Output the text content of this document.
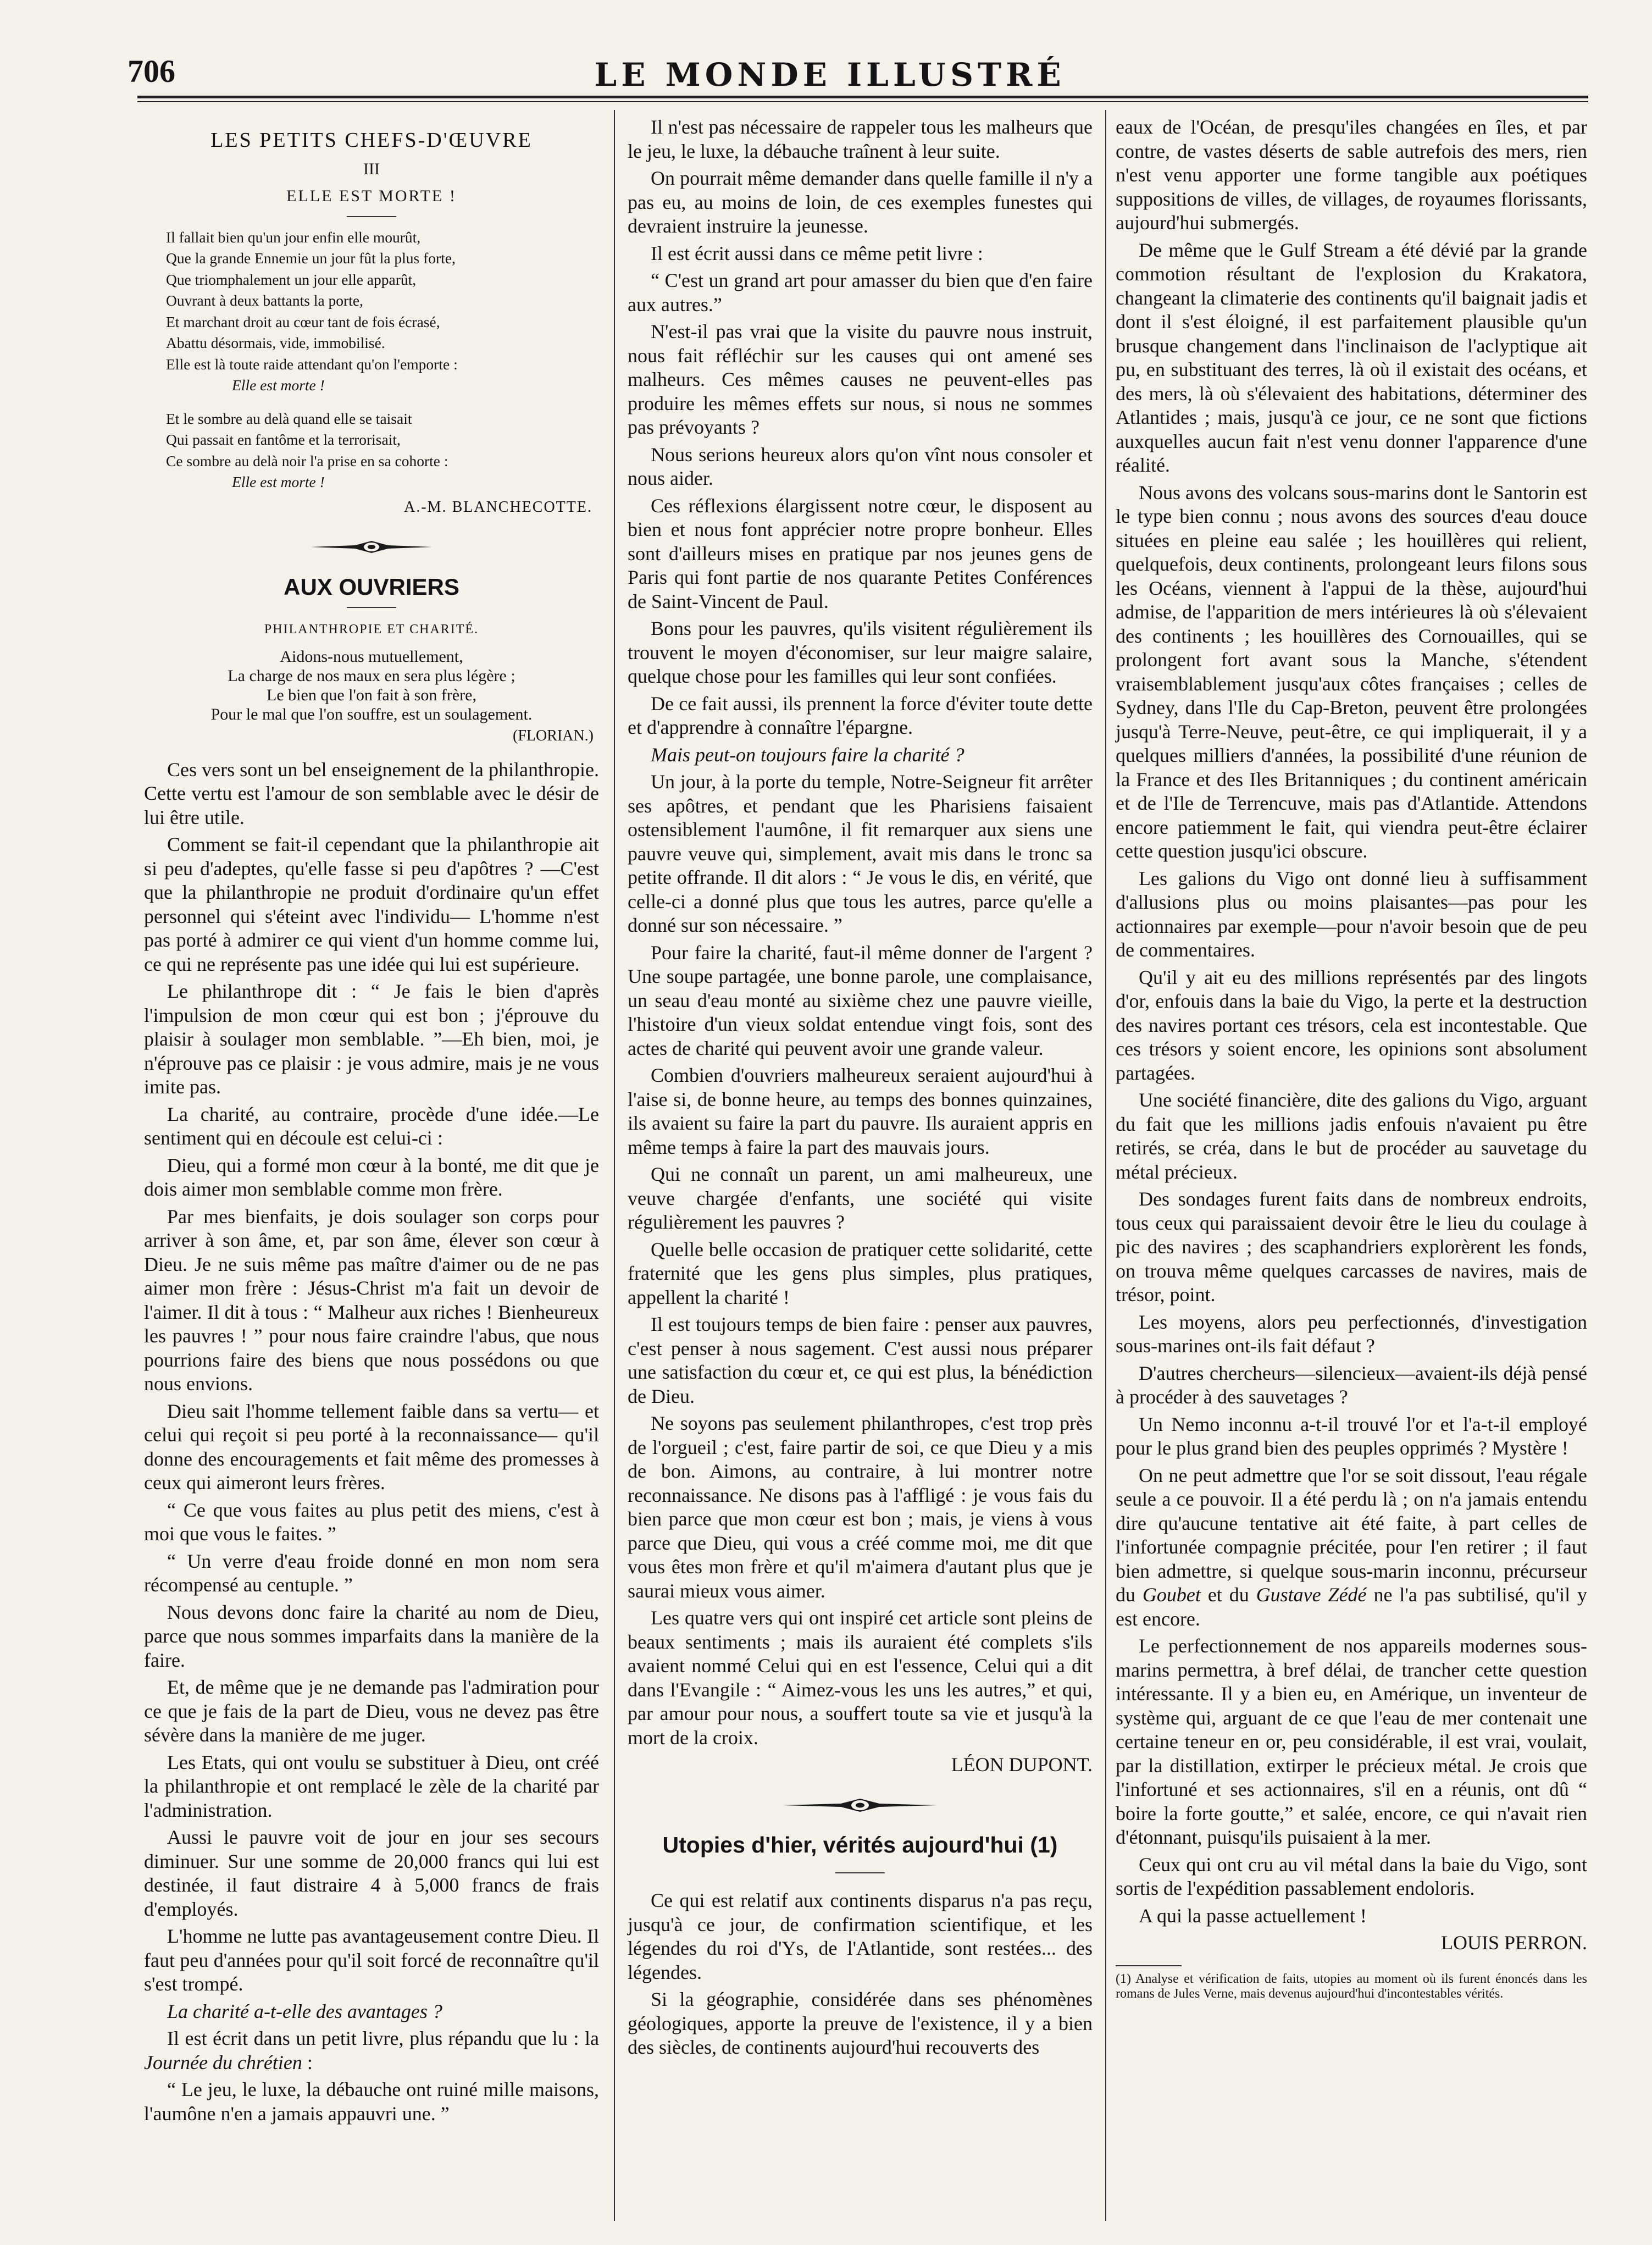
706	LE MONDE ILLUSTRÉ
LES PETITS CHEFS-D'ŒUVRE
III
ELLE EST MORTE !
Il fallait bien qu'un jour enfin elle mourût,
Que la grande Ennemie un jour fût la plus forte,
Que triomphalement un jour elle apparût,
Ouvrant à deux battants la porte,
Et marchant droit au cœur tant de fois écrasé,
Abattu désormais, vide, immobilisé.
Elle est là toute raide attendant qu'on l'emporte :
Elle est morte !
Et le sombre au delà quand elle se taisait
Qui passait en fantôme et la terrorisait,
Ce sombre au delà noir l'a prise en sa cohorte :
Elle est morte !
A.-M. BLANCHECOTTE.
AUX OUVRIERS
PHILANTHROPIE ET CHARITÉ.
Aidons-nous mutuellement,
La charge de nos maux en sera plus légère ;
Le bien que l'on fait à son frère,
Pour le mal que l'on souffre, est un soulagement.
(FLORIAN.)

Ces vers sont un bel enseignement de la philanthropie. Cette vertu est l'amour de son semblable avec le désir de lui être utile.

Comment se fait-il cependant que la philanthropie ait si peu d'adeptes, qu'elle fasse si peu d'apôtres ? —C'est que la philanthropie ne produit d'ordinaire qu'un effet personnel qui s'éteint avec l'individu— L'homme n'est pas porté à admirer ce qui vient d'un homme comme lui, ce qui ne représente pas une idée qui lui est supérieure.

Le philanthrope dit : “ Je fais le bien d'après l'impulsion de mon cœur qui est bon ; j'éprouve du plaisir à soulager mon semblable. ”—Eh bien, moi, je n'éprouve pas ce plaisir : je vous admire, mais je ne vous imite pas.

La charité, au contraire, procède d'une idée.—Le sentiment qui en découle est celui-ci :

Dieu, qui a formé mon cœur à la bonté, me dit que je dois aimer mon semblable comme mon frère.

Par mes bienfaits, je dois soulager son corps pour arriver à son âme, et, par son âme, élever son cœur à Dieu. Je ne suis même pas maître d'aimer ou de ne pas aimer mon frère : Jésus-Christ m'a fait un devoir de l'aimer. Il dit à tous : “ Malheur aux riches ! Bienheureux les pauvres ! ” pour nous faire craindre l'abus, que nous pourrions faire des biens que nous possédons ou que nous envions.

Dieu sait l'homme tellement faible dans sa vertu— et celui qui reçoit si peu porté à la reconnaissance— qu'il donne des encouragements et fait même des promesses à ceux qui aimeront leurs frères.

“ Ce que vous faites au plus petit des miens, c'est à moi que vous le faites. ”

“ Un verre d'eau froide donné en mon nom sera récompensé au centuple. ”

Nous devons donc faire la charité au nom de Dieu, parce que nous sommes imparfaits dans la manière de la faire.

Et, de même que je ne demande pas l'admiration pour ce que je fais de la part de Dieu, vous ne devez pas être sévère dans la manière de me juger.

Les Etats, qui ont voulu se substituer à Dieu, ont créé la philanthropie et ont remplacé le zèle de la charité par l'administration.

Aussi le pauvre voit de jour en jour ses secours diminuer. Sur une somme de 20,000 francs qui lui est destinée, il faut distraire 4 à 5,000 francs de frais d'employés.

L'homme ne lutte pas avantageusement contre Dieu. Il faut peu d'années pour qu'il soit forcé de reconnaître qu'il s'est trompé.

La charité a-t-elle des avantages ?

Il est écrit dans un petit livre, plus répandu que lu : la Journée du chrétien :

“ Le jeu, le luxe, la débauche ont ruiné mille maisons, l'aumône n'en a jamais appauvri une. ”

Il n'est pas nécessaire de rappeler tous les malheurs que le jeu, le luxe, la débauche traînent à leur suite.

On pourrait même demander dans quelle famille il n'y a pas eu, au moins de loin, de ces exemples funestes qui devraient instruire la jeunesse.

Il est écrit aussi dans ce même petit livre :

“ C'est un grand art pour amasser du bien que d'en faire aux autres.”

N'est-il pas vrai que la visite du pauvre nous instruit, nous fait réfléchir sur les causes qui ont amené ses malheurs. Ces mêmes causes ne peuvent-elles pas produire les mêmes effets sur nous, si nous ne sommes pas prévoyants ?

Nous serions heureux alors qu'on vînt nous consoler et nous aider.

Ces réflexions élargissent notre cœur, le disposent au bien et nous font apprécier notre propre bonheur. Elles sont d'ailleurs mises en pratique par nos jeunes gens de Paris qui font partie de nos quarante Petites Conférences de Saint-Vincent de Paul.

Bons pour les pauvres, qu'ils visitent régulièrement ils trouvent le moyen d'économiser, sur leur maigre salaire, quelque chose pour les familles qui leur sont confiées.

De ce fait aussi, ils prennent la force d'éviter toute dette et d'apprendre à connaître l'épargne.

Mais peut-on toujours faire la charité ?

Un jour, à la porte du temple, Notre-Seigneur fit arrêter ses apôtres, et pendant que les Pharisiens faisaient ostensiblement l'aumône, il fit remarquer aux siens une pauvre veuve qui, simplement, avait mis dans le tronc sa petite offrande. Il dit alors : “ Je vous le dis, en vérité, que celle-ci a donné plus que tous les autres, parce qu'elle a donné sur son nécessaire. ”

Pour faire la charité, faut-il même donner de l'argent ? Une soupe partagée, une bonne parole, une complaisance, un seau d'eau monté au sixième chez une pauvre vieille, l'histoire d'un vieux soldat entendue vingt fois, sont des actes de charité qui peuvent avoir une grande valeur.

Combien d'ouvriers malheureux seraient aujourd'hui à l'aise si, de bonne heure, au temps des bonnes quinzaines, ils avaient su faire la part du pauvre. Ils auraient appris en même temps à faire la part des mauvais jours.

Qui ne connaît un parent, un ami malheureux, une veuve chargée d'enfants, une société qui visite régulièrement les pauvres ?

Quelle belle occasion de pratiquer cette solidarité, cette fraternité que les gens plus simples, plus pratiques, appellent la charité !

Il est toujours temps de bien faire : penser aux pauvres, c'est penser à nous sagement. C'est aussi nous préparer une satisfaction du cœur et, ce qui est plus, la bénédiction de Dieu.

Ne soyons pas seulement philanthropes, c'est trop près de l'orgueil ; c'est, faire partir de soi, ce que Dieu y a mis de bon. Aimons, au contraire, à lui montrer notre reconnaissance. Ne disons pas à l'affligé : je vous fais du bien parce que mon cœur est bon ; mais, je viens à vous parce que Dieu, qui vous a créé comme moi, me dit que vous êtes mon frère et qu'il m'aimera d'autant plus que je saurai mieux vous aimer.

Les quatre vers qui ont inspiré cet article sont pleins de beaux sentiments ; mais ils auraient été complets s'ils avaient nommé Celui qui en est l'essence, Celui qui a dit dans l'Evangile : “ Aimez-vous les uns les autres,” et qui, par amour pour nous, a souffert toute sa vie et jusqu'à la mort de la croix.

LÉON DUPONT.

Utopies d'hier, vérités aujourd'hui (1)

Ce qui est relatif aux continents disparus n'a pas reçu, jusqu'à ce jour, de confirmation scientifique, et les légendes du roi d'Ys, de l'Atlantide, sont restées... des légendes.

Si la géographie, considérée dans ses phénomènes géologiques, apporte la preuve de l'existence, il y a bien des siècles, de continents aujourd'hui recouverts des

eaux de l'Océan, de presqu'iles changées en îles, et par contre, de vastes déserts de sable autrefois des mers, rien n'est venu apporter une forme tangible aux poétiques suppositions de villes, de villages, de royaumes florissants, aujourd'hui submergés.

De même que le Gulf Stream a été dévié par la grande commotion résultant de l'explosion du Krakatora, changeant la climaterie des continents qu'il baignait jadis et dont il s'est éloigné, il est parfaitement plausible qu'un brusque changement dans l'inclinaison de l'aclyptique ait pu, en substituant des terres, là où il existait des océans, et des mers, là où s'élevaient des habitations, déterminer des Atlantides ; mais, jusqu'à ce jour, ce ne sont que fictions auxquelles aucun fait n'est venu donner l'apparence d'une réalité.

Nous avons des volcans sous-marins dont le Santorin est le type bien connu ; nous avons des sources d'eau douce situées en pleine eau salée ; les houillères qui relient, quelquefois, deux continents, prolongeant leurs filons sous les Océans, viennent à l'appui de la thèse, aujourd'hui admise, de l'apparition de mers intérieures là où s'élevaient des continents ; les houillères des Cornouailles, qui se prolongent fort avant sous la Manche, s'étendent vraisemblablement jusqu'aux côtes françaises ; celles de Sydney, dans l'Ile du Cap-Breton, peuvent être prolongées jusqu'à Terre-Neuve, peut-être, ce qui impliquerait, il y a quelques milliers d'années, la possibilité d'une réunion de la France et des Iles Britanniques ; du continent américain et de l'Ile de Terrencuve, mais pas d'Atlantide. Attendons encore patiemment le fait, qui viendra peut-être éclairer cette question jusqu'ici obscure.

Les galions du Vigo ont donné lieu à suffisamment d'allusions plus ou moins plaisantes—pas pour les actionnaires par exemple—pour n'avoir besoin que de peu de commentaires.

Qu'il y ait eu des millions représentés par des lingots d'or, enfouis dans la baie du Vigo, la perte et la destruction des navires portant ces trésors, cela est incontestable. Que ces trésors y soient encore, les opinions sont absolument partagées.

Une société financière, dite des galions du Vigo, arguant du fait que les millions jadis enfouis n'avaient pu être retirés, se créa, dans le but de procéder au sauvetage du métal précieux.

Des sondages furent faits dans de nombreux endroits, tous ceux qui paraissaient devoir être le lieu du coulage à pic des navires ; des scaphandriers explorèrent les fonds, on trouva même quelques carcasses de navires, mais de trésor, point.

Les moyens, alors peu perfectionnés, d'investigation sous-marines ont-ils fait défaut ?

D'autres chercheurs—silencieux—avaient-ils déjà pensé à procéder à des sauvetages ?

Un Nemo inconnu a-t-il trouvé l'or et l'a-t-il employé pour le plus grand bien des peuples opprimés ? Mystère !

On ne peut admettre que l'or se soit dissout, l'eau régale seule a ce pouvoir. Il a été perdu là ; on n'a jamais entendu dire qu'aucune tentative ait été faite, à part celles de l'infortunée compagnie précitée, pour l'en retirer ; il faut bien admettre, si quelque sous-marin inconnu, précurseur du Goubet et du Gustave Zédé ne l'a pas subtilisé, qu'il y est encore.

Le perfectionnement de nos appareils modernes sous-marins permettra, à bref délai, de trancher cette question intéressante. Il y a bien eu, en Amérique, un inventeur de système qui, arguant de ce que l'eau de mer contenait une certaine teneur en or, peu considérable, il est vrai, voulait, par la distillation, extirper le précieux métal. Je crois que l'infortuné et ses actionnaires, s'il en a réunis, ont dû “ boire la forte goutte,” et salée, encore, ce qui n'avait rien d'étonnant, puisqu'ils puisaient à la mer.

Ceux qui ont cru au vil métal dans la baie du Vigo, sont sortis de l'expédition passablement endoloris.

A qui la passe actuellement !

LOUIS PERRON.

(1) Analyse et vérification de faits, utopies au moment où ils furent énoncés dans les romans de Jules Verne, mais devenus aujourd'hui d'incontestables vérités.
